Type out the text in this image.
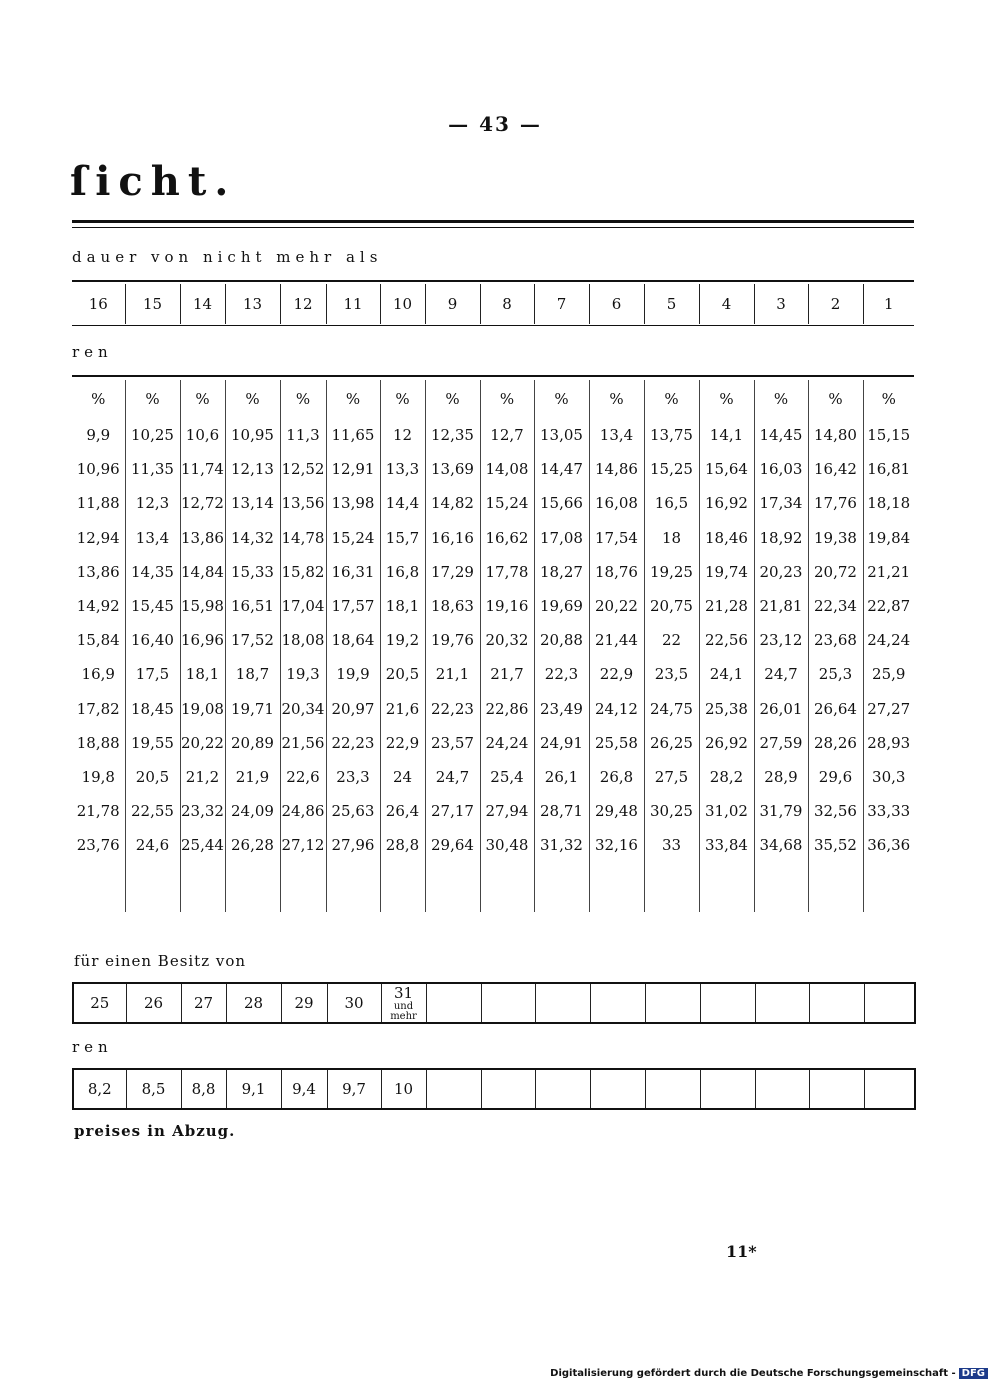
— 43 —
ſicht.
dauer von nicht mehr als
16	15	14	13	12	11	10	9	8	7	6	5	4	3	2	1
ren
%	%	%	%	%	%	%	%	%	%	%	%	%	%	%	%
9,9	10,25	10,6	10,95	11,3	11,65	12	12,35	12,7	13,05	13,4	13,75	14,1	14,45	14,80	15,15
10,96	11,35	11,74	12,13	12,52	12,91	13,3	13,69	14,08	14,47	14,86	15,25	15,64	16,03	16,42	16,81
11,88	12,3	12,72	13,14	13,56	13,98	14,4	14,82	15,24	15,66	16,08	16,5	16,92	17,34	17,76	18,18
12,94	13,4	13,86	14,32	14,78	15,24	15,7	16,16	16,62	17,08	17,54	18	18,46	18,92	19,38	19,84
13,86	14,35	14,84	15,33	15,82	16,31	16,8	17,29	17,78	18,27	18,76	19,25	19,74	20,23	20,72	21,21
14,92	15,45	15,98	16,51	17,04	17,57	18,1	18,63	19,16	19,69	20,22	20,75	21,28	21,81	22,34	22,87
15,84	16,40	16,96	17,52	18,08	18,64	19,2	19,76	20,32	20,88	21,44	22	22,56	23,12	23,68	24,24
16,9	17,5	18,1	18,7	19,3	19,9	20,5	21,1	21,7	22,3	22,9	23,5	24,1	24,7	25,3	25,9
17,82	18,45	19,08	19,71	20,34	20,97	21,6	22,23	22,86	23,49	24,12	24,75	25,38	26,01	26,64	27,27
18,88	19,55	20,22	20,89	21,56	22,23	22,9	23,57	24,24	24,91	25,58	26,25	26,92	27,59	28,26	28,93
19,8	20,5	21,2	21,9	22,6	23,3	24	24,7	25,4	26,1	26,8	27,5	28,2	28,9	29,6	30,3
21,78	22,55	23,32	24,09	24,86	25,63	26,4	27,17	27,94	28,71	29,48	30,25	31,02	31,79	32,56	33,33
23,76	24,6	25,44	26,28	27,12	27,96	28,8	29,64	30,48	31,32	32,16	33	33,84	34,68	35,52	36,36

für einen Besitz von
25	26	27	28	29	30	31
und mehr

ren
8,2	8,5	8,8	9,1	9,4	9,7	10									
preises in Abzug.
11*
Digitalisierung gefördert durch die Deutsche Forschungsgemeinschaft - DFG
